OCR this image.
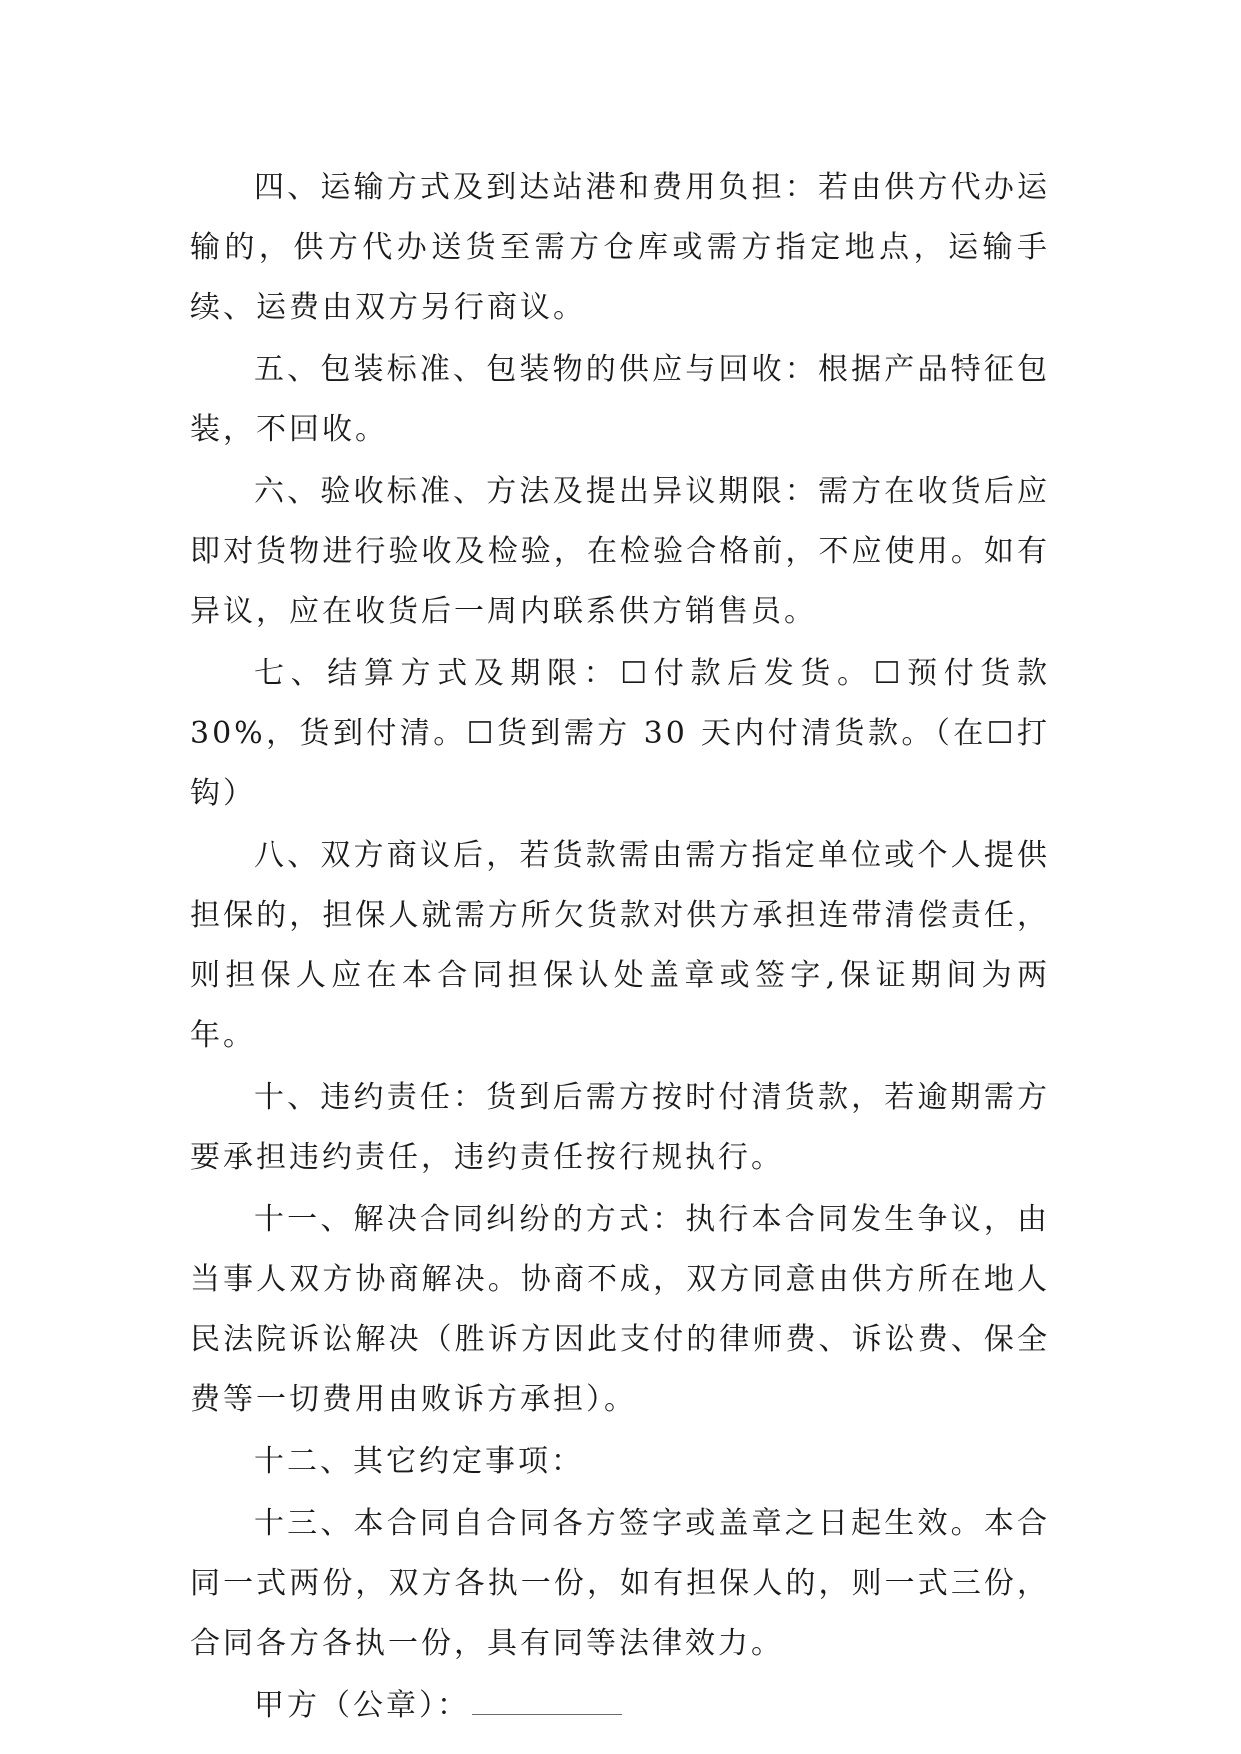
四、运输方式及到达站港和费用负担：若由供方代办运输的，供方代办送货至需方仓库或需方指定地点，运输手续、运费由双方另行商议。

五、包装标准、包装物的供应与回收：根据产品特征包装，不回收。

六、验收标准、方法及提出异议期限：需方在收货后应即对货物进行验收及检验，在检验合格前，不应使用。如有异议，应在收货后一周内联系供方销售员。

七、结算方式及期限：☐付款后发货。☐预付货款 30%，货到付清。☐货到需方 30 天内付清货款。（在☐打钩）

八、双方商议后，若货款需由需方指定单位或个人提供担保的，担保人就需方所欠货款对供方承担连带清偿责任，则担保人应在本合同担保认处盖章或签字,保证期间为两年。

十、违约责任：货到后需方按时付清货款，若逾期需方要承担违约责任，违约责任按行规执行。

十一、解决合同纠纷的方式：执行本合同发生争议，由当事人双方协商解决。协商不成，双方同意由供方所在地人民法院诉讼解决（胜诉方因此支付的律师费、诉讼费、保全费等一切费用由败诉方承担）。

十二、其它约定事项：

十三、本合同自合同各方签字或盖章之日起生效。本合同一式两份，双方各执一份，如有担保人的，则一式三份，合同各方各执一份，具有同等法律效力。

甲方（公章）：
